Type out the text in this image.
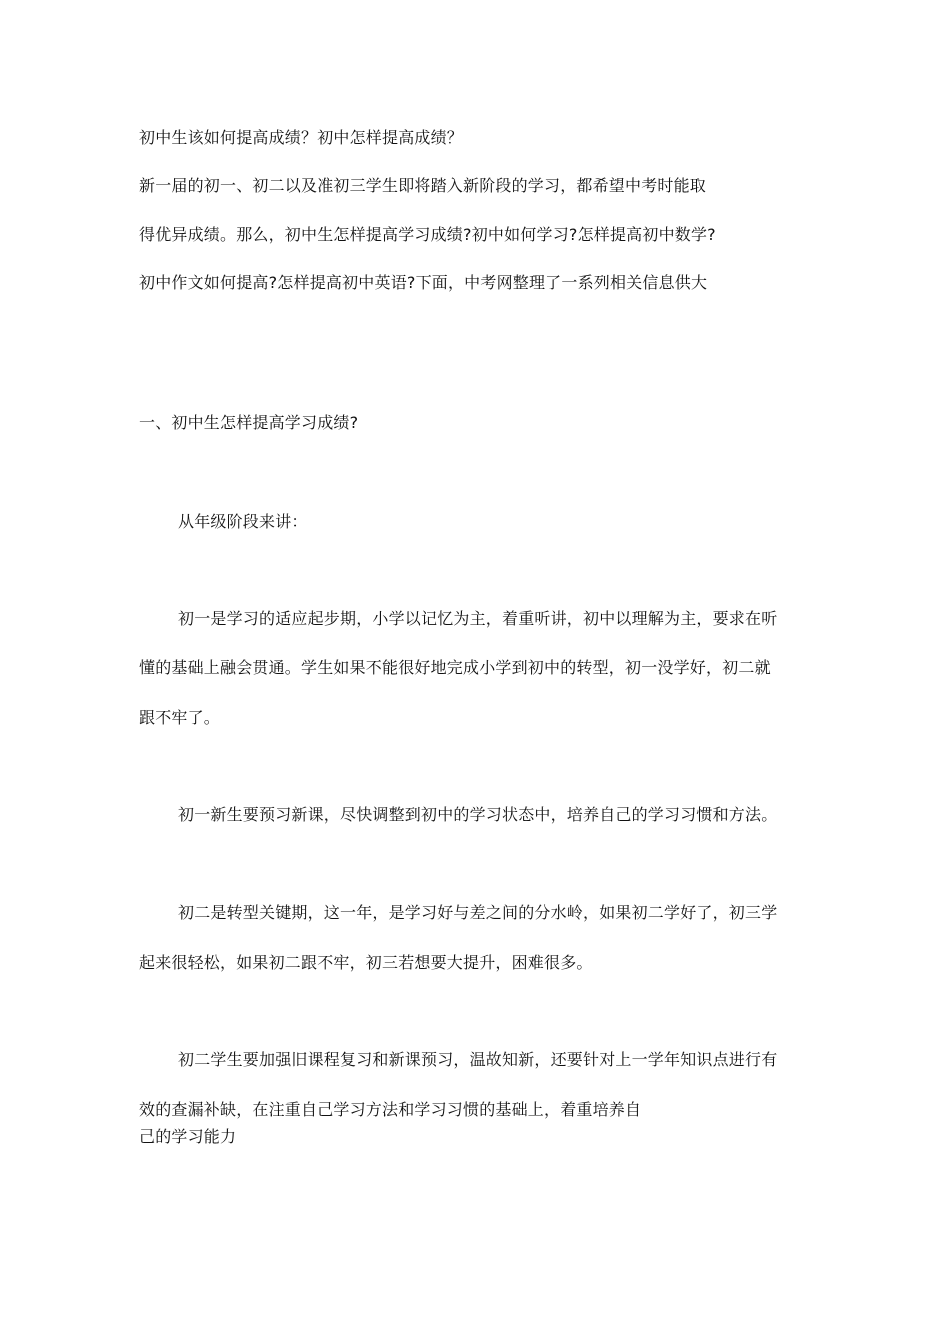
初中生该如何提高成绩？初中怎样提高成绩？
新一届的初一、初二以及准初三学生即将踏入新阶段的学习，都希望中考时能取
得优异成绩。那么，初中生怎样提高学习成绩?初中如何学习?怎样提高初中数学?
初中作文如何提高?怎样提高初中英语?下面，中考网整理了一系列相关信息供大
一、初中生怎样提高学习成绩?
从年级阶段来讲：
初一是学习的适应起步期，小学以记忆为主，着重听讲，初中以理解为主，要求在听
懂的基础上融会贯通。学生如果不能很好地完成小学到初中的转型，初一没学好，初二就
跟不牢了。
初一新生要预习新课，尽快调整到初中的学习状态中，培养自己的学习习惯和方法。
初二是转型关键期，这一年，是学习好与差之间的分水岭，如果初二学好了，初三学
起来很轻松，如果初二跟不牢，初三若想要大提升，困难很多。
初二学生要加强旧课程复习和新课预习，温故知新，还要针对上一学年知识点进行有
效的查漏补缺，在注重自己学习方法和学习习惯的基础上，着重培养自
己的学习能力
